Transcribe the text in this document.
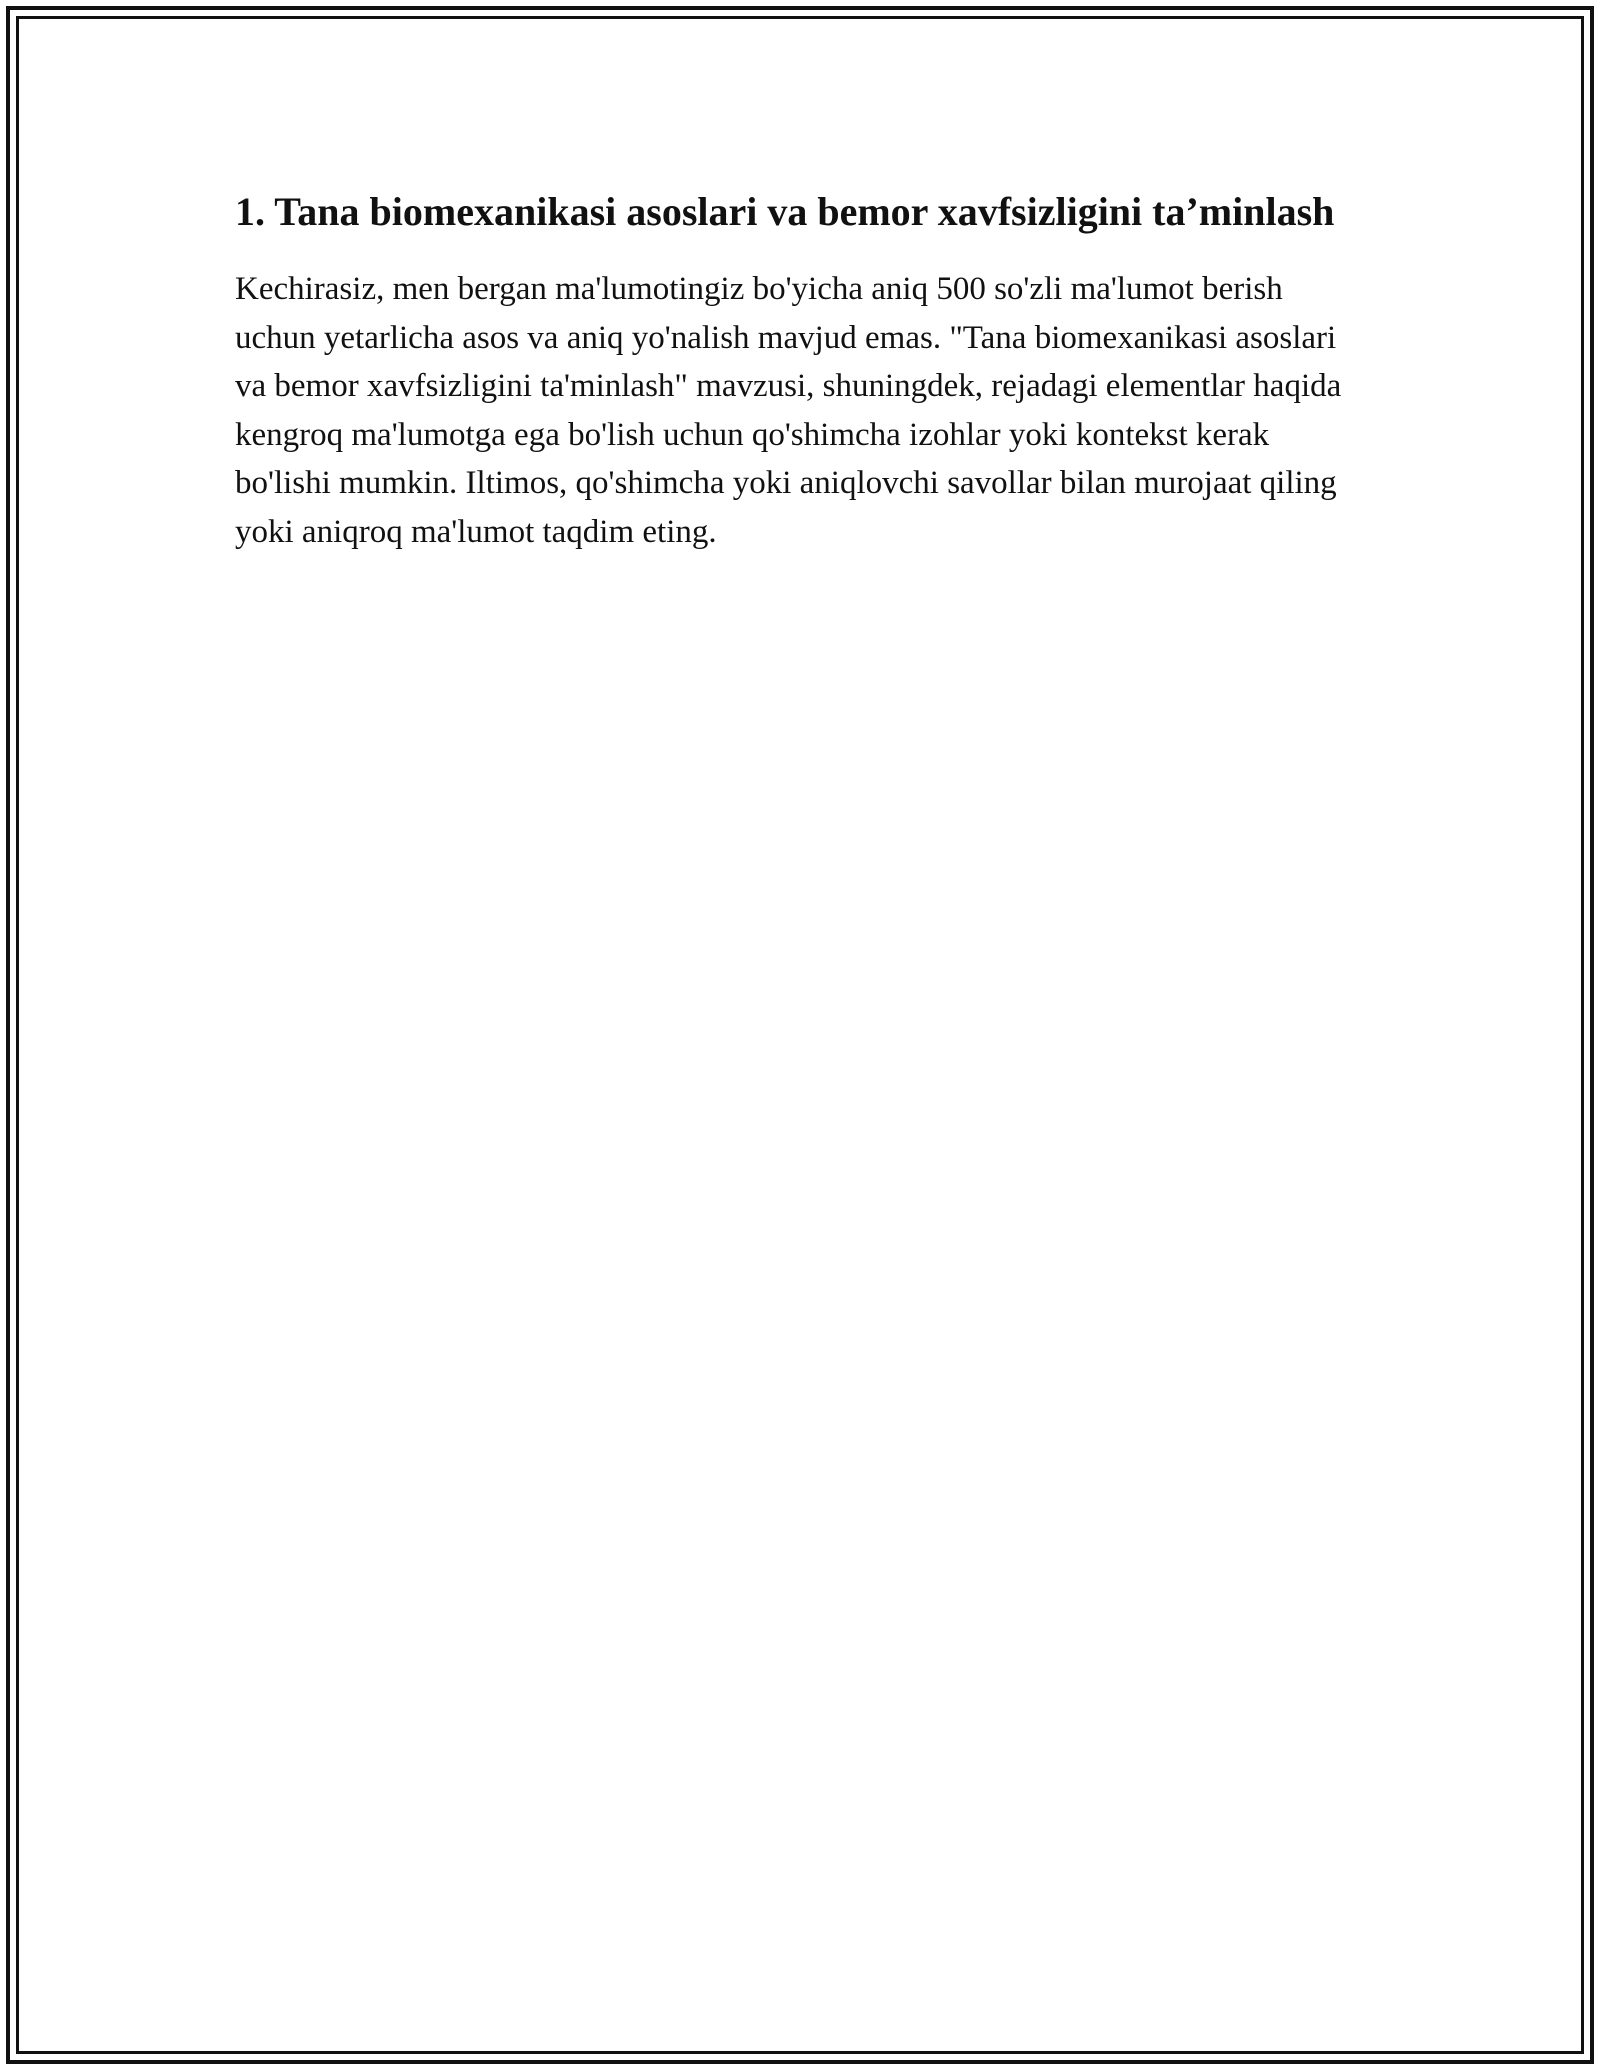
1. Tana biomexanikasi asoslari va bemor xavfsizligini ta’minlash

Kechirasiz, men bergan ma'lumotingiz bo'yicha aniq 500 so'zli ma'lumot berish uchun yetarlicha asos va aniq yo'nalish mavjud emas. "Tana biomexanikasi asoslari va bemor xavfsizligini ta'minlash" mavzusi, shuningdek, rejadagi elementlar haqida kengroq ma'lumotga ega bo'lish uchun qo'shimcha izohlar yoki kontekst kerak bo'lishi mumkin. Iltimos, qo'shimcha yoki aniqlovchi savollar bilan murojaat qiling yoki aniqroq ma'lumot taqdim eting.
